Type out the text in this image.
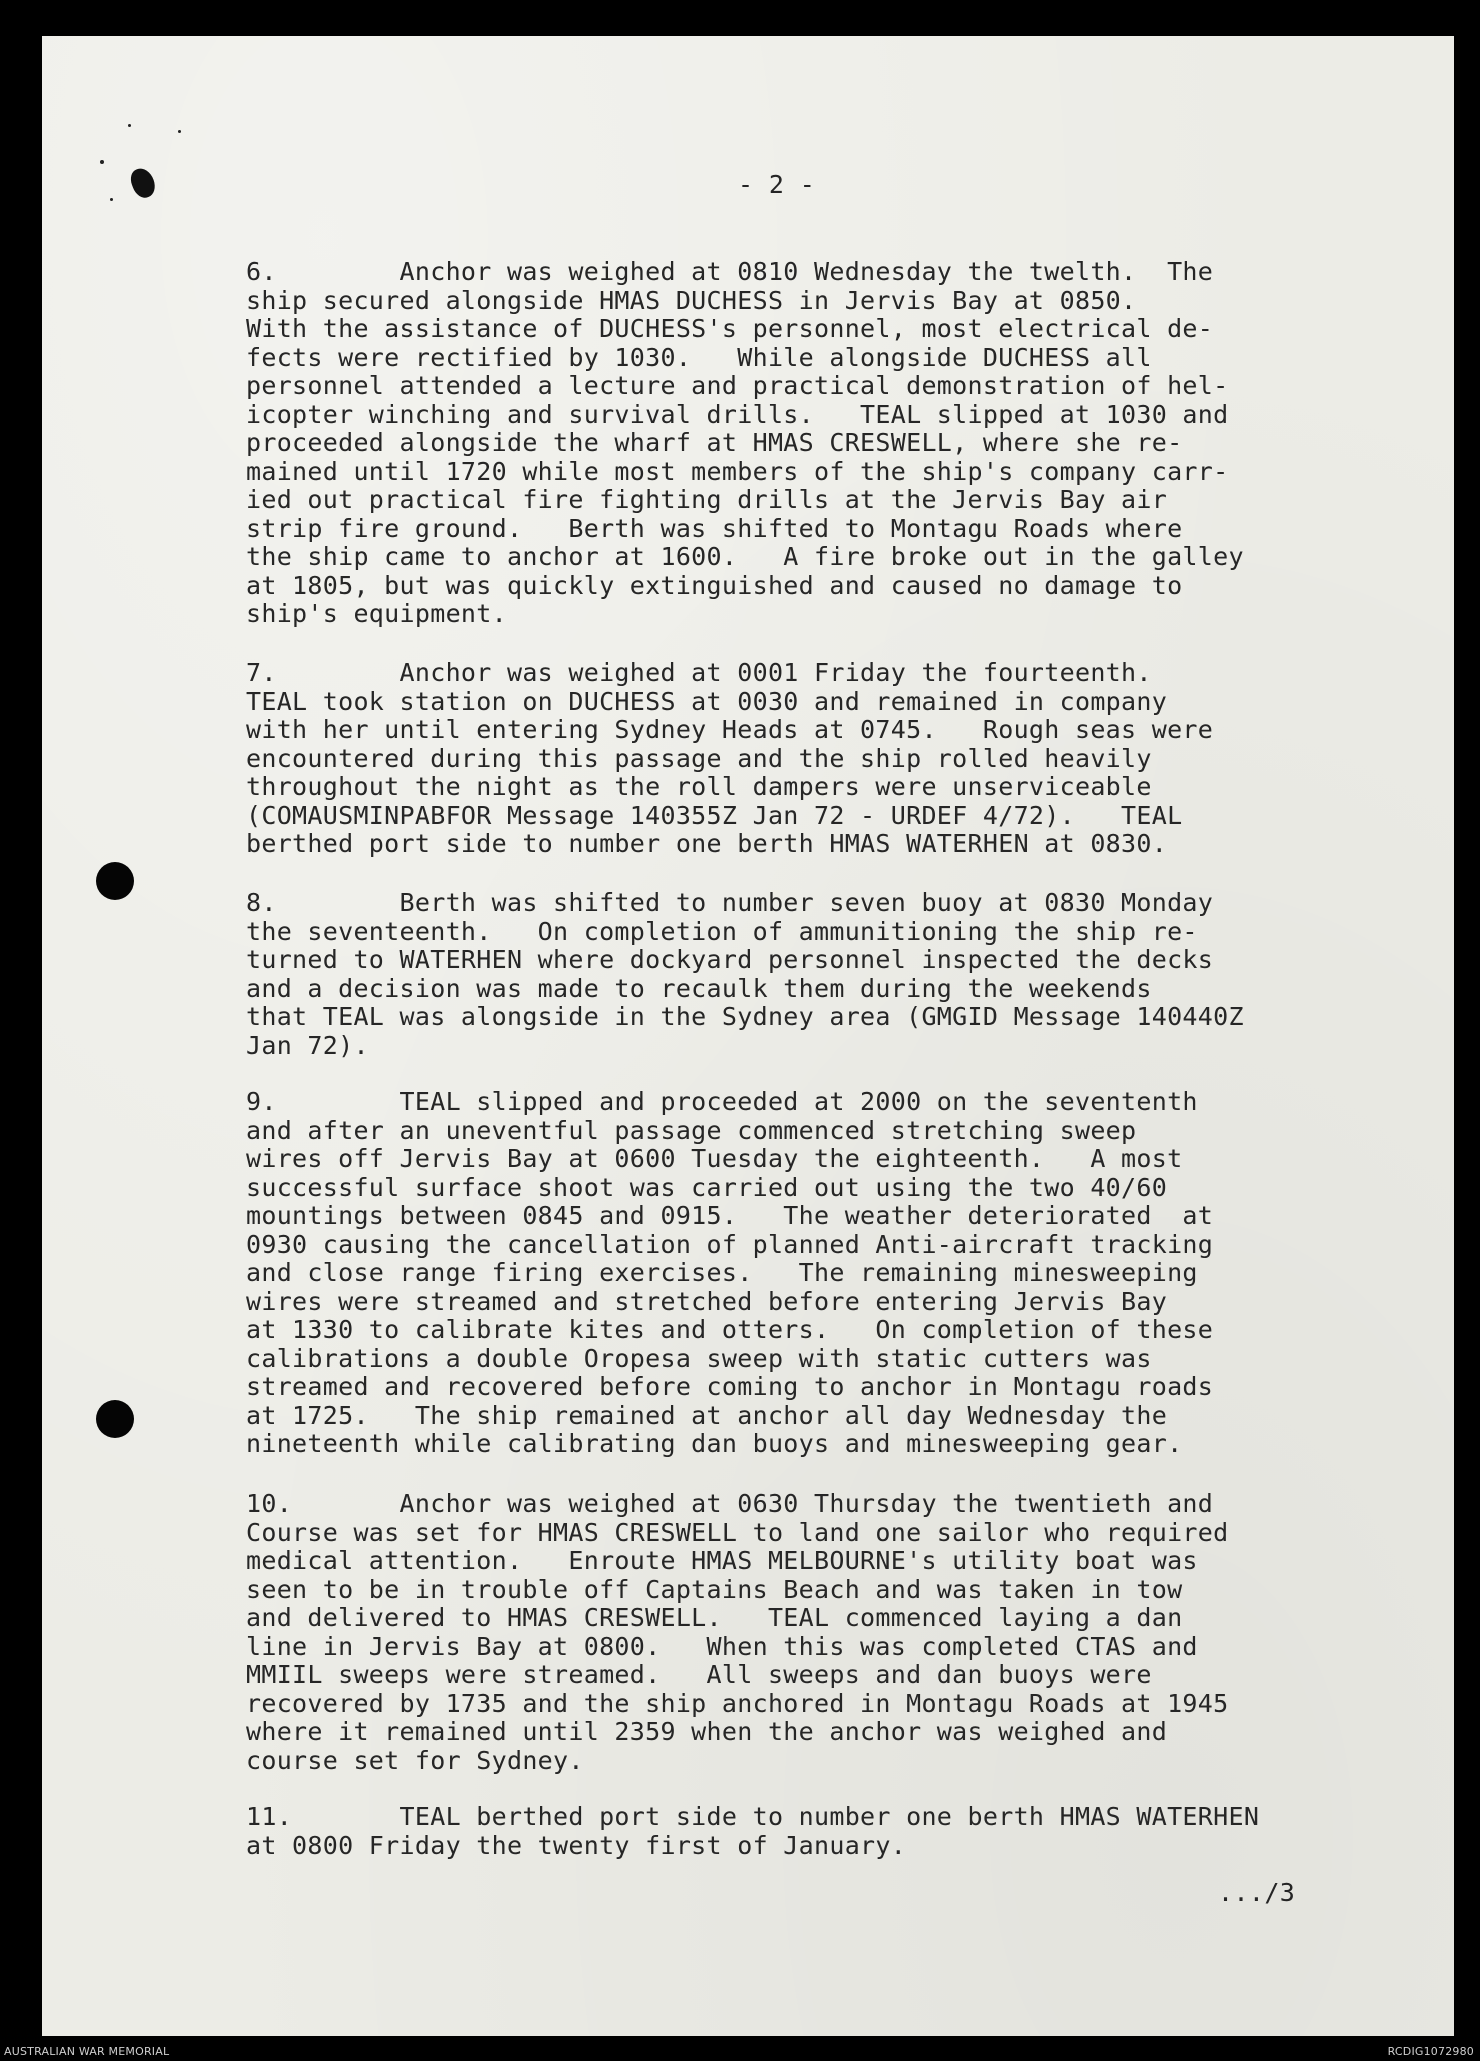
- 2 -

6.        Anchor was weighed at 0810 Wednesday the twelth.  The
ship secured alongside HMAS DUCHESS in Jervis Bay at 0850.
With the assistance of DUCHESS's personnel, most electrical de-
fects were rectified by 1030.   While alongside DUCHESS all
personnel attended a lecture and practical demonstration of hel-
icopter winching and survival drills.   TEAL slipped at 1030 and
proceeded alongside the wharf at HMAS CRESWELL, where she re-
mained until 1720 while most members of the ship's company carr-
ied out practical fire fighting drills at the Jervis Bay air
strip fire ground.   Berth was shifted to Montagu Roads where
the ship came to anchor at 1600.   A fire broke out in the galley
at 1805, but was quickly extinguished and caused no damage to
ship's equipment.

7.        Anchor was weighed at 0001 Friday the fourteenth.
TEAL took station on DUCHESS at 0030 and remained in company
with her until entering Sydney Heads at 0745.   Rough seas were
encountered during this passage and the ship rolled heavily
throughout the night as the roll dampers were unserviceable
(COMAUSMINPABFOR Message 140355Z Jan 72 - URDEF 4/72).   TEAL
berthed port side to number one berth HMAS WATERHEN at 0830.

8.        Berth was shifted to number seven buoy at 0830 Monday
the seventeenth.   On completion of ammunitioning the ship re-
turned to WATERHEN where dockyard personnel inspected the decks
and a decision was made to recaulk them during the weekends
that TEAL was alongside in the Sydney area (GMGID Message 140440Z
Jan 72).

9.        TEAL slipped and proceeded at 2000 on the sevententh
and after an uneventful passage commenced stretching sweep
wires off Jervis Bay at 0600 Tuesday the eighteenth.   A most
successful surface shoot was carried out using the two 40/60
mountings between 0845 and 0915.   The weather deteriorated  at
0930 causing the cancellation of planned Anti-aircraft tracking
and close range firing exercises.   The remaining minesweeping
wires were streamed and stretched before entering Jervis Bay
at 1330 to calibrate kites and otters.   On completion of these
calibrations a double Oropesa sweep with static cutters was
streamed and recovered before coming to anchor in Montagu roads
at 1725.   The ship remained at anchor all day Wednesday the
nineteenth while calibrating dan buoys and minesweeping gear.

10.       Anchor was weighed at 0630 Thursday the twentieth and
Course was set for HMAS CRESWELL to land one sailor who required
medical attention.   Enroute HMAS MELBOURNE's utility boat was
seen to be in trouble off Captains Beach and was taken in tow
and delivered to HMAS CRESWELL.   TEAL commenced laying a dan
line in Jervis Bay at 0800.   When this was completed CTAS and
MMIIL sweeps were streamed.   All sweeps and dan buoys were
recovered by 1735 and the ship anchored in Montagu Roads at 1945
where it remained until 2359 when the anchor was weighed and
course set for Sydney.

11.       TEAL berthed port side to number one berth HMAS WATERHEN
at 0800 Friday the twenty first of January.

.../3
AUSTRALIAN WAR MEMORIAL	RCDIG1072980
